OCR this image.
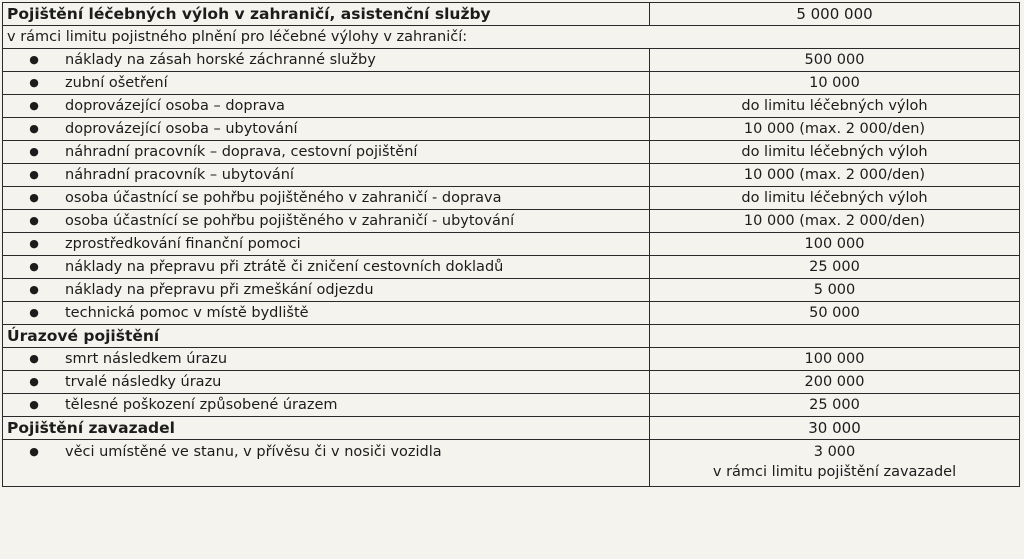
Pojištění léčebných výloh v zahraničí, asistenční služby	5 000 000
v rámci limitu pojistného plnění pro léčebné výlohy v zahraničí:	
● náklady na zásah horské záchranné služby	500 000
● zubní ošetření	10 000
● doprovázející osoba – doprava	do limitu léčebných výloh
● doprovázející osoba – ubytování	10 000 (max. 2 000/den)
● náhradní pracovník – doprava, cestovní pojištění	do limitu léčebných výloh
● náhradní pracovník – ubytování	10 000 (max. 2 000/den)
● osoba účastnící se pohřbu pojištěného v zahraničí - doprava	do limitu léčebných výloh
● osoba účastnící se pohřbu pojištěného v zahraničí - ubytování	10 000 (max. 2 000/den)
● zprostředkování finanční pomoci	100 000
● náklady na přepravu při ztrátě či zničení cestovních dokladů	25 000
● náklady na přepravu při zmeškání odjezdu	5 000
● technická pomoc v místě bydliště	50 000
Úrazové pojištění	
● smrt následkem úrazu	100 000
● trvalé následky úrazu	200 000
● tělesné poškození způsobené úrazem	25 000
Pojištění zavazadel	30 000
● věci umístěné ve stanu, v přívěsu či v nosiči vozidla	3 000
v rámci limitu pojištění zavazadel
